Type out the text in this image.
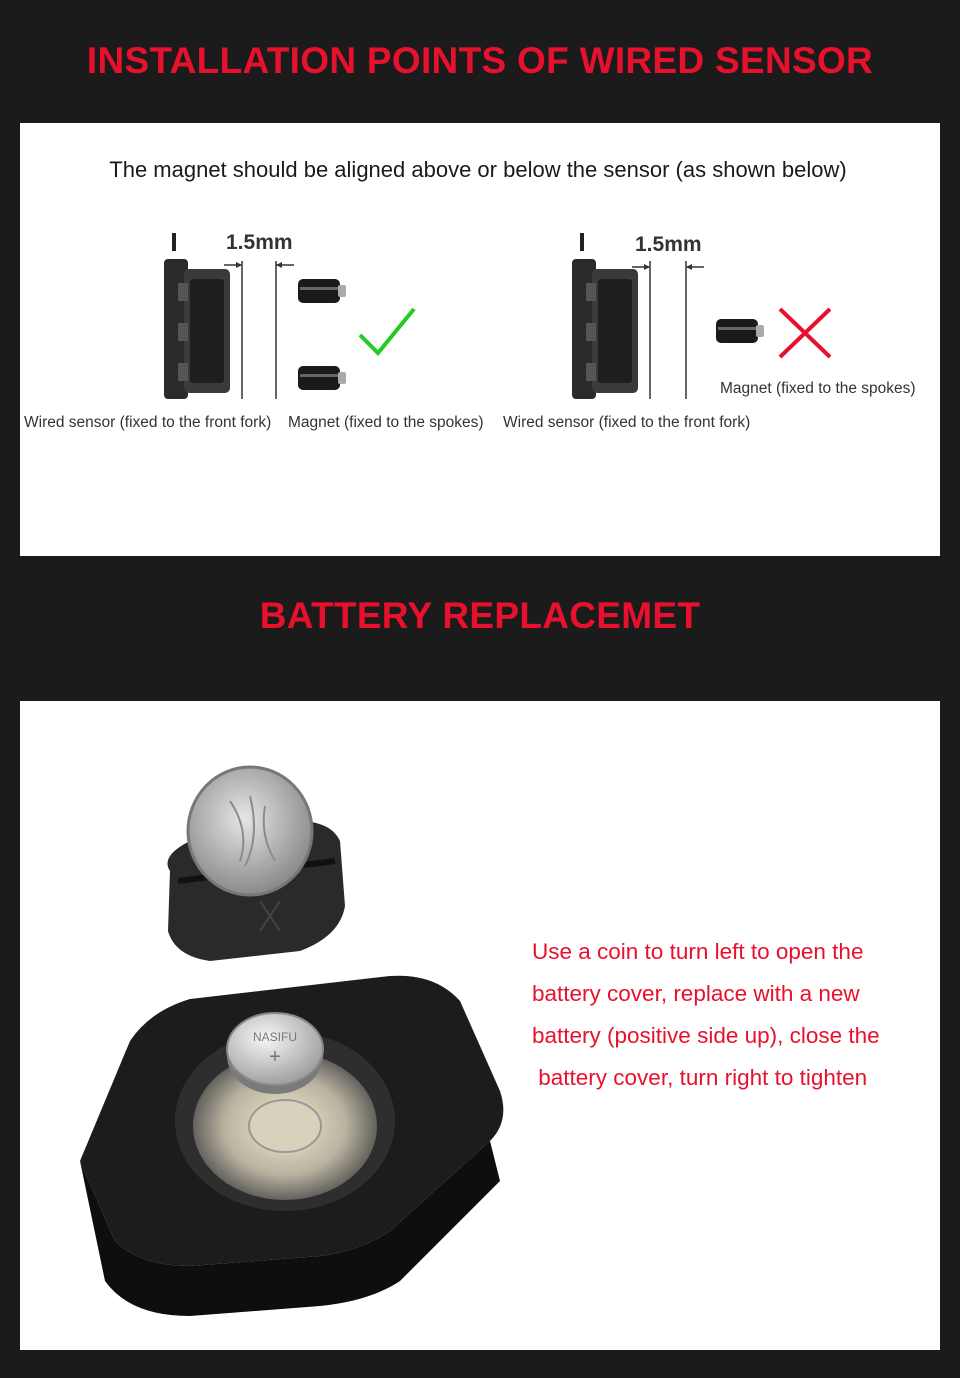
INSTALLATION POINTS OF WIRED SENSOR
The magnet should be aligned above or below the sensor (as shown below)
1.5mm
Wired sensor (fixed to the front fork) Magnet (fixed to the spokes)
1.5mm
Wired sensor (fixed to the front fork)
Magnet (fixed to the spokes)
BATTERY REPLACEMET
NASIFU
+
Use a coin to turn left to open the
battery cover, replace with a new
battery (positive side up), close the
battery cover, turn right to tighten
